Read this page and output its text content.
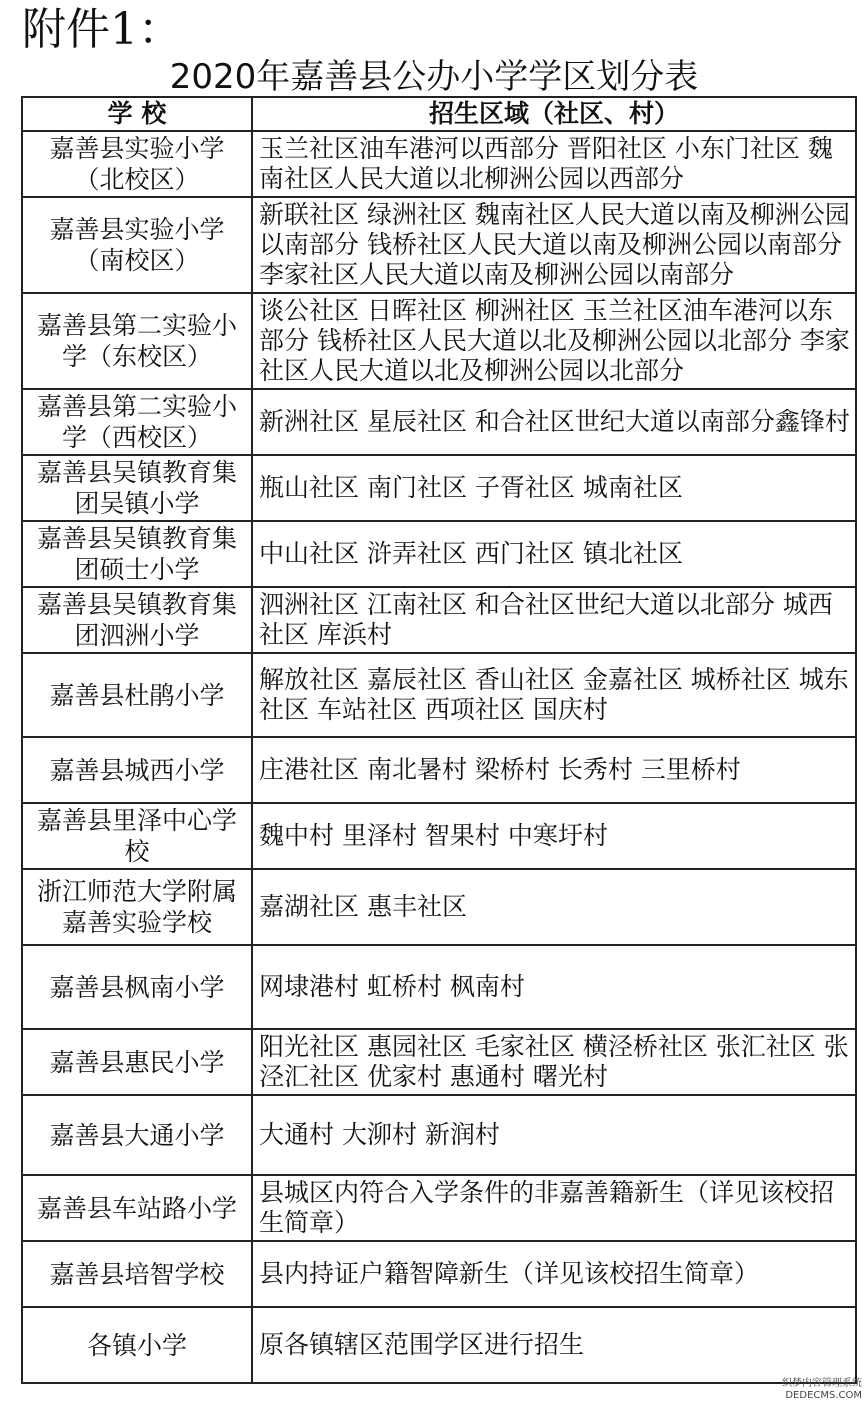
附件1：
2020年嘉善县公办小学学区划分表
学 校	招生区域（社区、村）
嘉善县实验小学（北校区）	玉兰社区油车港河以西部分 晋阳社区 小东门社区 魏南社区人民大道以北柳洲公园以西部分
嘉善县实验小学（南校区）	新联社区 绿洲社区 魏南社区人民大道以南及柳洲公园以南部分 钱桥社区人民大道以南及柳洲公园以南部分 李家社区人民大道以南及柳洲公园以南部分
嘉善县第二实验小学（东校区）	谈公社区 日晖社区 柳洲社区 玉兰社区油车港河以东部分 钱桥社区人民大道以北及柳洲公园以北部分 李家社区人民大道以北及柳洲公园以北部分
嘉善县第二实验小学（西校区）	新洲社区 星辰社区 和合社区世纪大道以南部分鑫锋村
嘉善县吴镇教育集团吴镇小学	瓶山社区 南门社区 子胥社区 城南社区
嘉善县吴镇教育集团硕士小学	中山社区 浒弄社区 西门社区 镇北社区
嘉善县吴镇教育集团泗洲小学	泗洲社区 江南社区 和合社区世纪大道以北部分 城西社区 库浜村
嘉善县杜鹃小学	解放社区 嘉辰社区 香山社区 金嘉社区 城桥社区 城东社区 车站社区 西项社区 国庆村
嘉善县城西小学	庄港社区 南北暑村 梁桥村 长秀村 三里桥村
嘉善县里泽中心学校	魏中村 里泽村 智果村 中寒圩村
浙江师范大学附属嘉善实验学校	嘉湖社区 惠丰社区
嘉善县枫南小学	网埭港村 虹桥村 枫南村
嘉善县惠民小学	阳光社区 惠园社区 毛家社区 横泾桥社区 张汇社区 张泾汇社区 优家村 惠通村 曙光村
嘉善县大通小学	大通村 大泖村 新润村
嘉善县车站路小学	县城区内符合入学条件的非嘉善籍新生（详见该校招生简章）
嘉善县培智学校	县内持证户籍智障新生（详见该校招生简章）
各镇小学	原各镇辖区范围学区进行招生
织梦内容管理系统
DEDECMS.COM
